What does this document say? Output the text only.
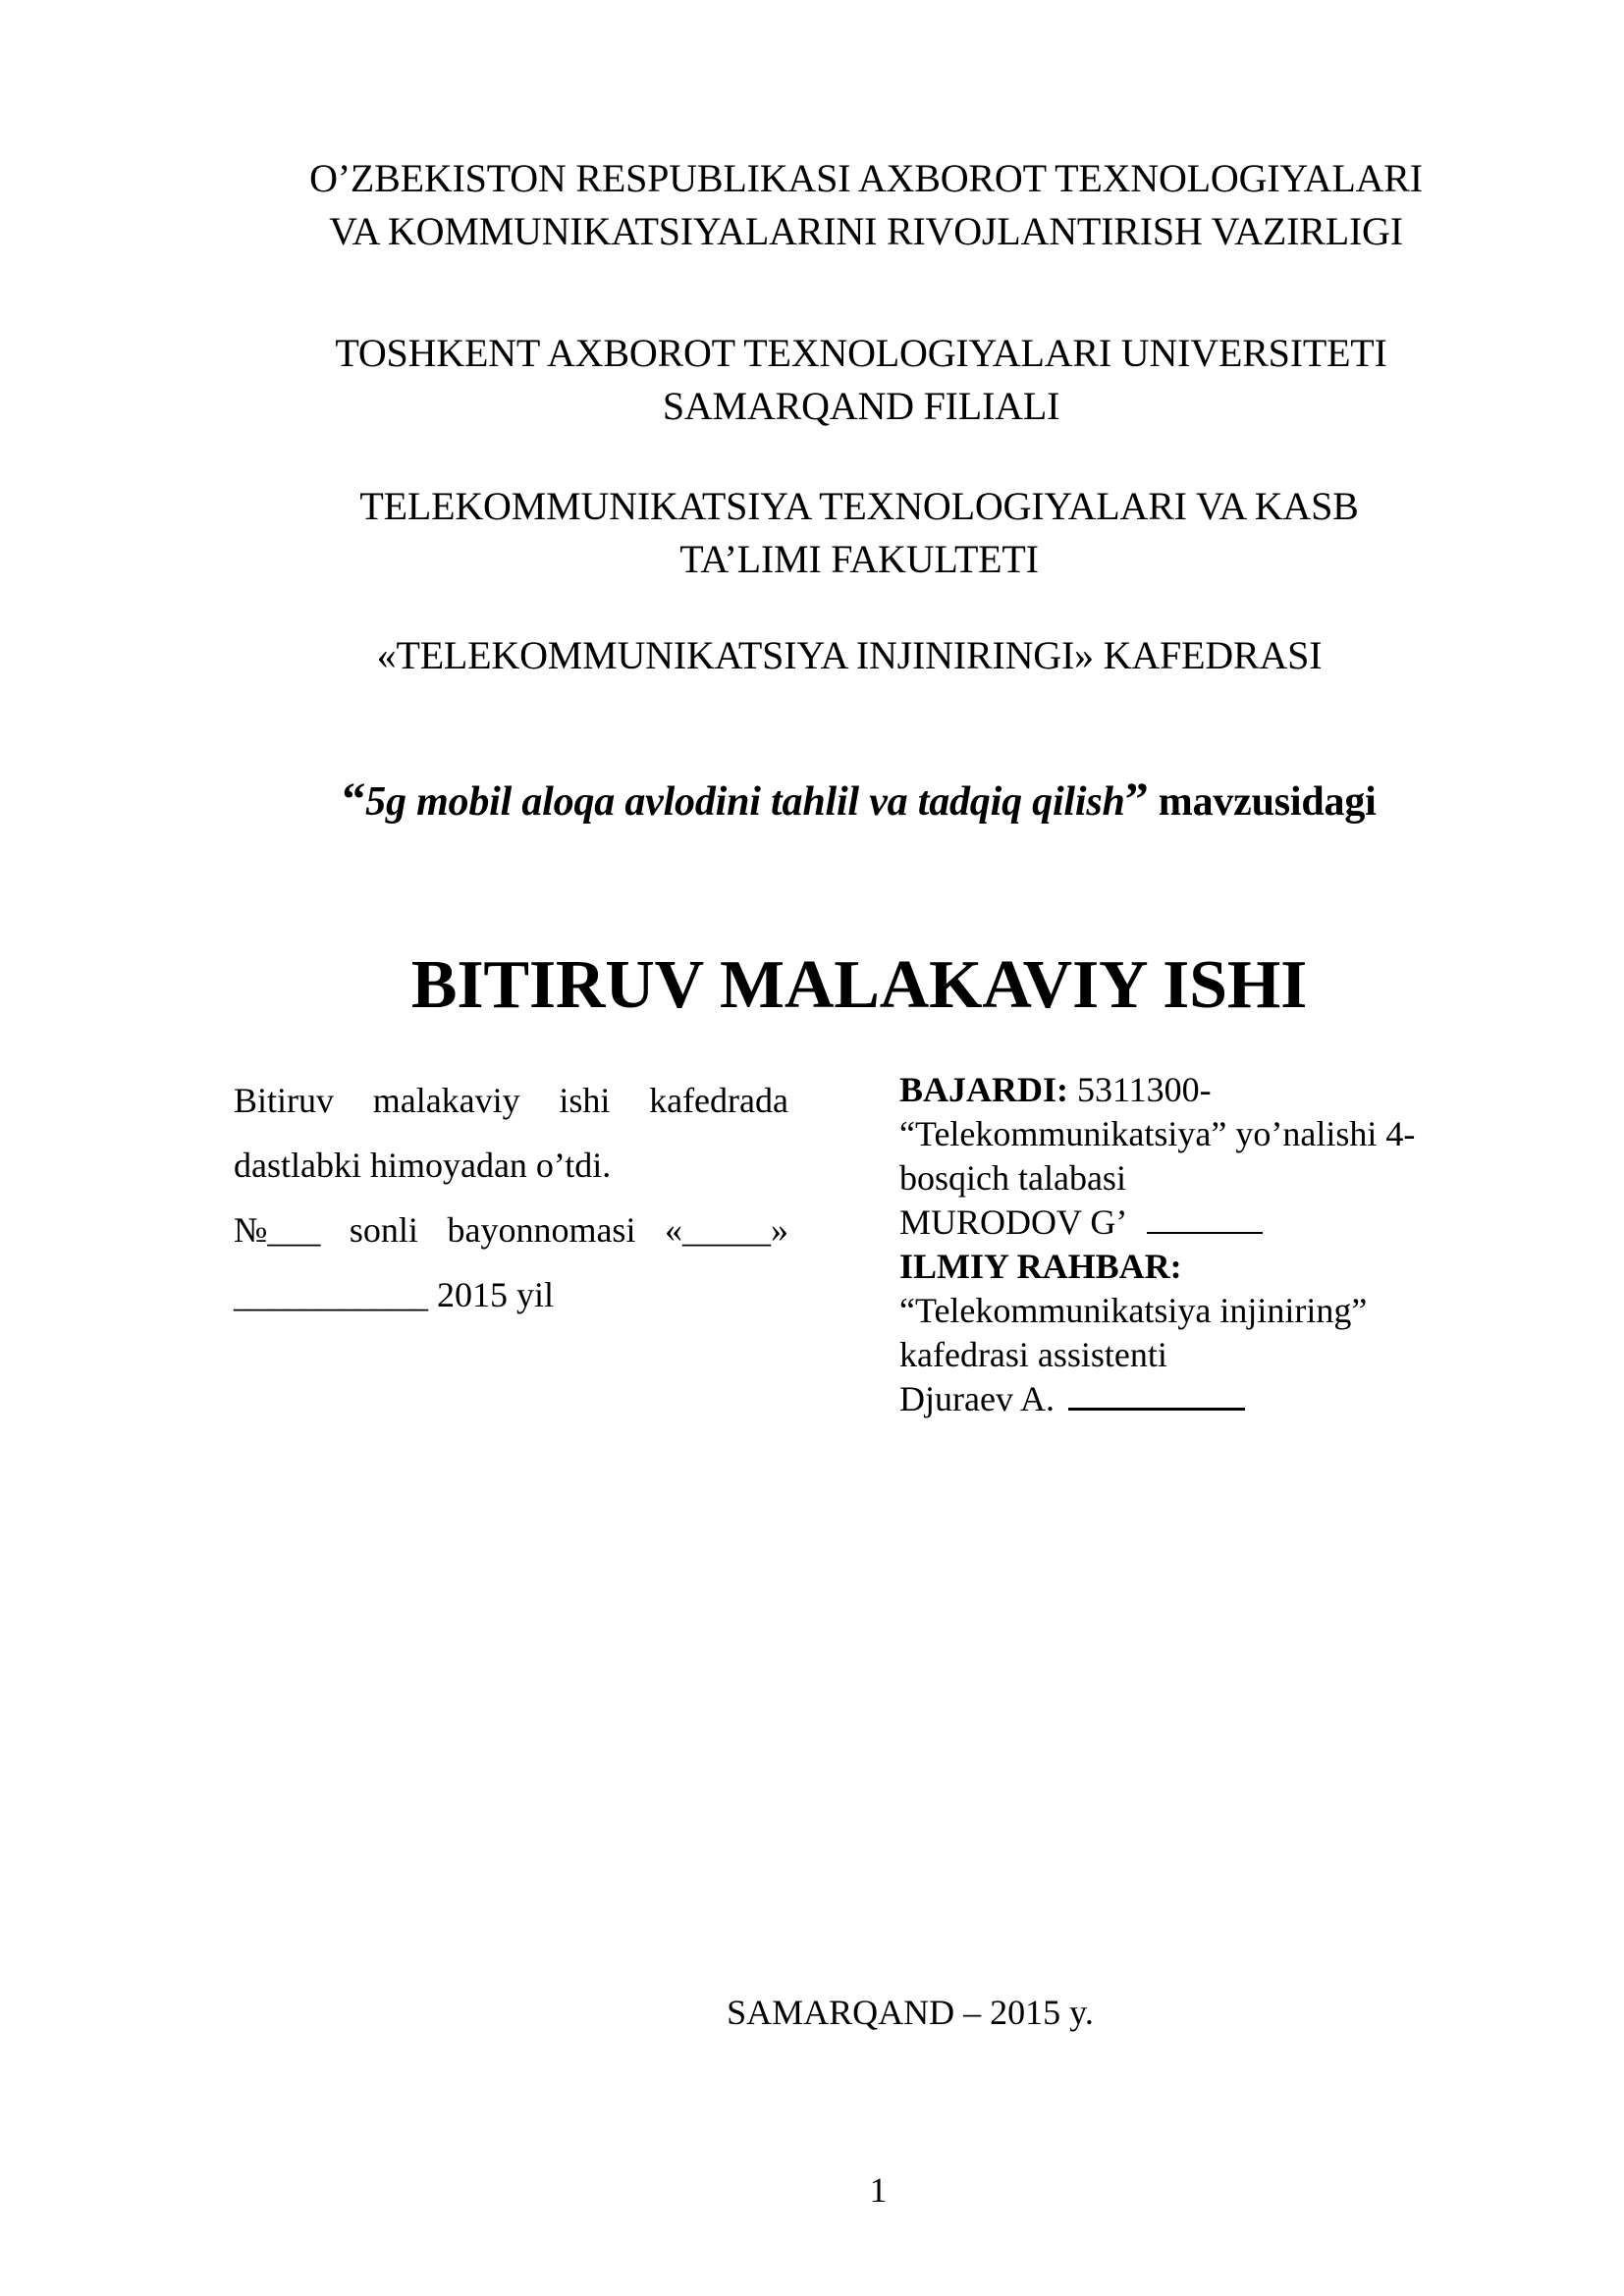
O’ZBEKISTON RESPUBLIKASI AXBOROT TEXNOLOGIYALARI
VA KOMMUNIKATSIYALARINI RIVOJLANTIRISH VAZIRLIGI
TOSHKENT AXBOROT TEXNOLOGIYALARI UNIVERSITETI
SAMARQAND FILIALI
TELEKOMMUNIKATSIYA TEXNOLOGIYALARI VA KASB
TA’LIMI FAKULTETI
«TELEKOMMUNIKATSIYA INJINIRINGI» KAFEDRASI
“5g mobil aloqa avlodini tahlil va tadqiq qilish” mavzusidagi
BITIRUV MALAKAVIY ISHI
Bitiruv malakaviy ishi kafedrada
dastlabki himoyadan o’tdi.
№___ sonli bayonnomasi «_____»
___________ 2015 yil
BAJARDI: 5311300-
“Telekommunikatsiya” yo’nalishi 4-
bosqich talabasi
MURODOV G’
ILMIY RAHBAR:
“Telekommunikatsiya injiniring”
kafedrasi assistenti
Djuraev A.
SAMARQAND – 2015 y.
1
